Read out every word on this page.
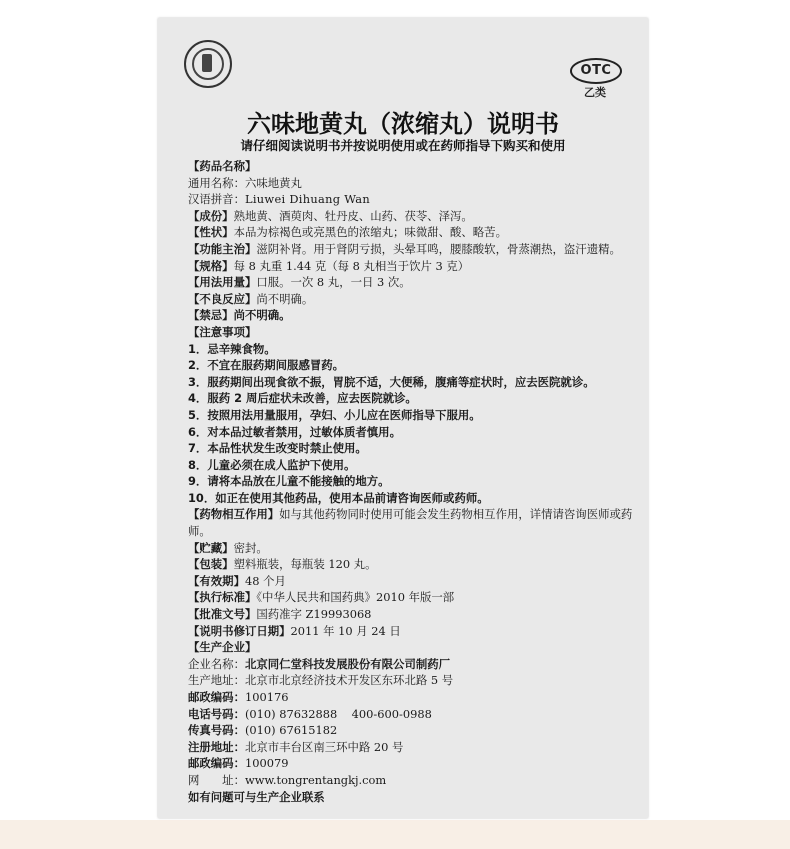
OTC
乙类
六味地黄丸（浓缩丸）说明书
请仔细阅读说明书并按说明使用或在药师指导下购买和使用
【药品名称】
通用名称：六味地黄丸
汉语拼音：Liuwei Dihuang Wan
【成份】熟地黄、酒萸肉、牡丹皮、山药、茯苓、泽泻。
【性状】本品为棕褐色或亮黑色的浓缩丸；味微甜、酸、略苦。
【功能主治】滋阴补肾。用于肾阴亏损，头晕耳鸣，腰膝酸软，骨蒸潮热，盗汗遗精。
【规格】每 8 丸重 1.44 克（每 8 丸相当于饮片 3 克）
【用法用量】口服。一次 8 丸，一日 3 次。
【不良反应】尚不明确。
【禁忌】尚不明确。
【注意事项】
1．忌辛辣食物。
2．不宜在服药期间服感冒药。
3．服药期间出现食欲不振，胃脘不适，大便稀，腹痛等症状时，应去医院就诊。
4．服药 2 周后症状未改善，应去医院就诊。
5．按照用法用量服用，孕妇、小儿应在医师指导下服用。
6．对本品过敏者禁用，过敏体质者慎用。
7．本品性状发生改变时禁止使用。
8．儿童必须在成人监护下使用。
9．请将本品放在儿童不能接触的地方。
10．如正在使用其他药品，使用本品前请咨询医师或药师。
【药物相互作用】如与其他药物同时使用可能会发生药物相互作用，详情请咨询医师或药师。
【贮藏】密封。
【包装】塑料瓶装，每瓶装 120 丸。
【有效期】48 个月
【执行标准】《中华人民共和国药典》2010 年版一部
【批准文号】国药准字 Z19993068
【说明书修订日期】2011 年 10 月 24 日
【生产企业】
企业名称：北京同仁堂科技发展股份有限公司制药厂
生产地址：北京市北京经济技术开发区东环北路 5 号
邮政编码：100176
电话号码：(010) 87632888    400-600-0988
传真号码：(010) 67615182
注册地址：北京市丰台区南三环中路 20 号
邮政编码：100079
网　　址：www.tongrentangkj.com
如有问题可与生产企业联系
